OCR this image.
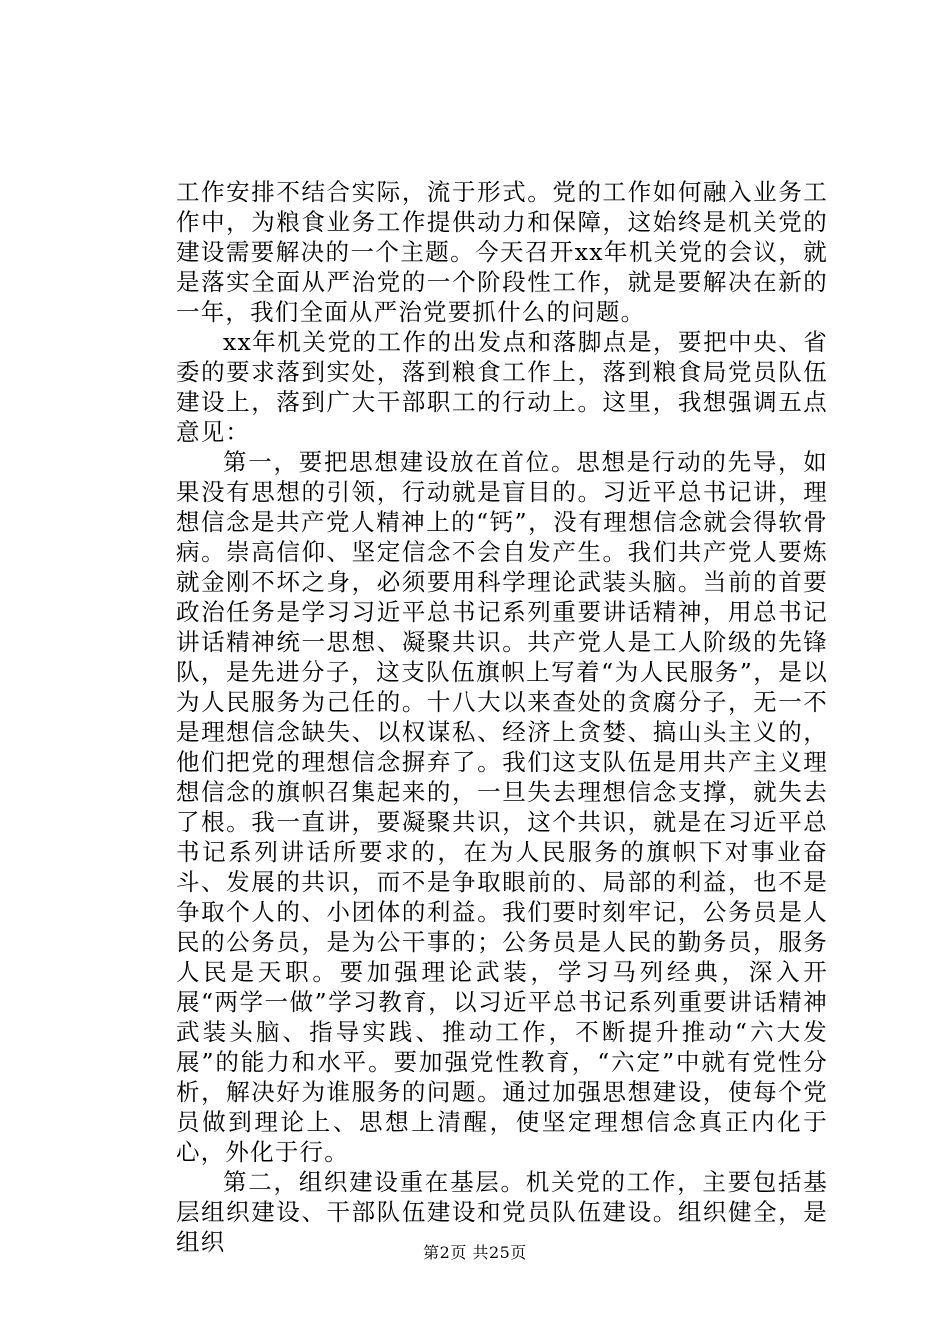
工作安排不结合实际，流于形式。党的工作如何融入业务工作中，为粮食业务工作提供动力和保障，这始终是机关党的建设需要解决的一个主题。今天召开xx年机关党的会议，就是落实全面从严治党的一个阶段性工作，就是要解决在新的一年，我们全面从严治党要抓什么的问题。

xx年机关党的工作的出发点和落脚点是，要把中央、省委的要求落到实处，落到粮食工作上，落到粮食局党员队伍建设上，落到广大干部职工的行动上。这里，我想强调五点意见：

第一，要把思想建设放在首位。思想是行动的先导，如果没有思想的引领，行动就是盲目的。习近平总书记讲，理想信念是共产党人精神上的“钙”，没有理想信念就会得软骨病。崇高信仰、坚定信念不会自发产生。我们共产党人要炼就金刚不坏之身，必须要用科学理论武装头脑。当前的首要政治任务是学习习近平总书记系列重要讲话精神，用总书记讲话精神统一思想、凝聚共识。共产党人是工人阶级的先锋队，是先进分子，这支队伍旗帜上写着“为人民服务”，是以为人民服务为己任的。十八大以来查处的贪腐分子，无一不是理想信念缺失、以权谋私、经济上贪婪、搞山头主义的，他们把党的理想信念摒弃了。我们这支队伍是用共产主义理想信念的旗帜召集起来的，一旦失去理想信念支撑，就失去了根。我一直讲，要凝聚共识，这个共识，就是在习近平总书记系列讲话所要求的，在为人民服务的旗帜下对事业奋斗、发展的共识，而不是争取眼前的、局部的利益，也不是争取个人的、小团体的利益。我们要时刻牢记，公务员是人民的公务员，是为公干事的；公务员是人民的勤务员，服务人民是天职。要加强理论武装，学习马列经典，深入开展“两学一做”学习教育，以习近平总书记系列重要讲话精神武装头脑、指导实践、推动工作，不断提升推动“六大发展”的能力和水平。要加强党性教育，“六定”中就有党性分析，解决好为谁服务的问题。通过加强思想建设，使每个党员做到理论上、思想上清醒，使坚定理想信念真正内化于心，外化于行。

第二，组织建设重在基层。机关党的工作，主要包括基层组织建设、干部队伍建设和党员队伍建设。组织健全，是组织	第2页 共25页
